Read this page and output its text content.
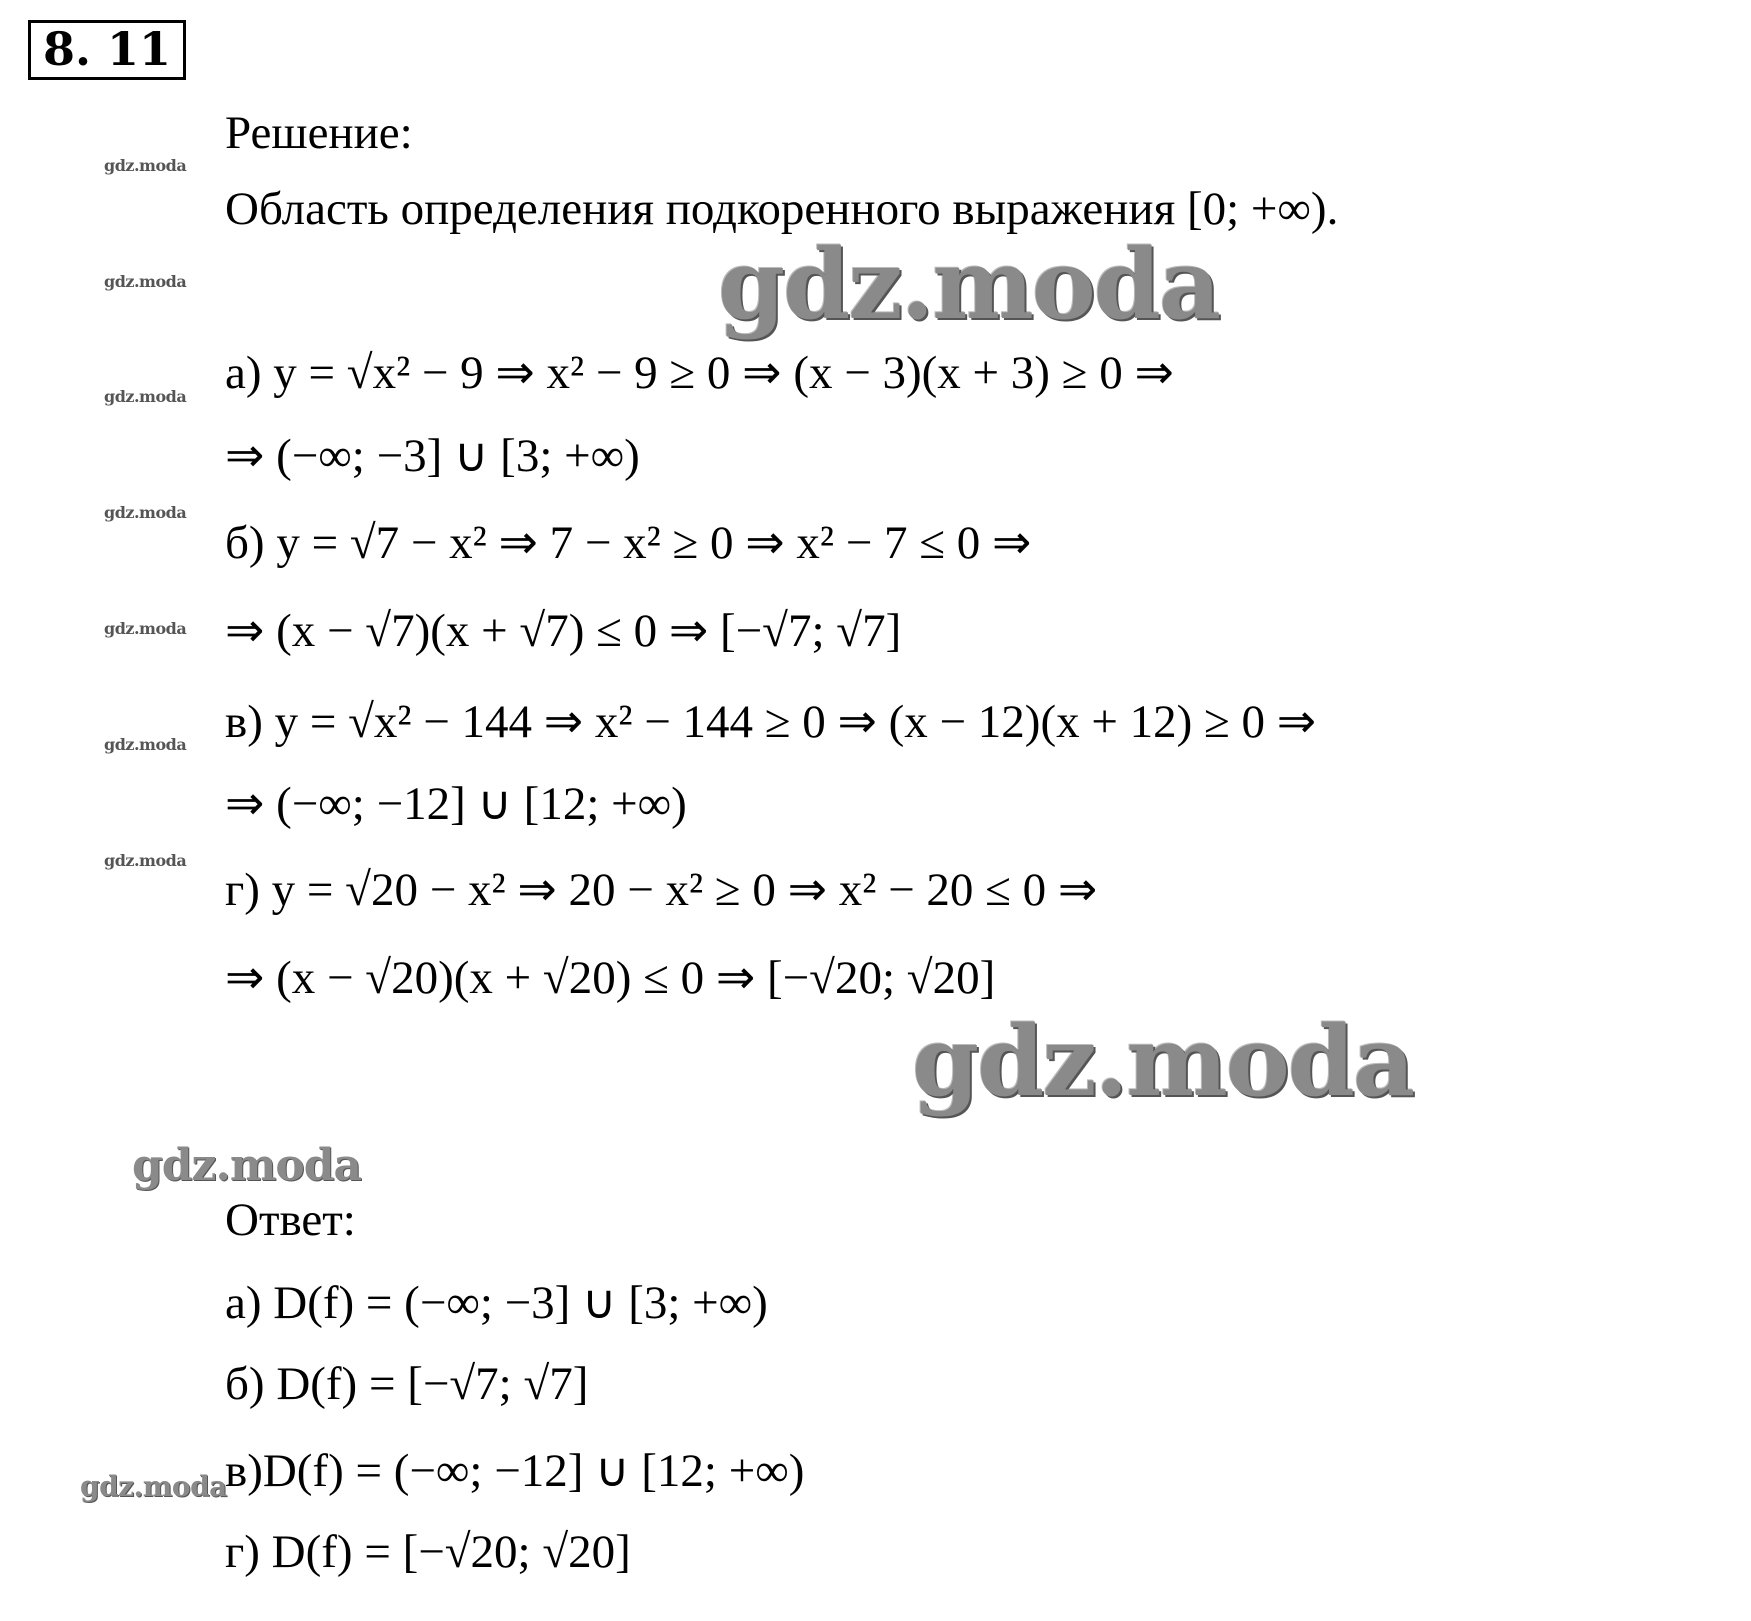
8. 11
gdz.moda
gdz.moda
gdz.moda
gdz.moda
gdz.moda
gdz.moda
gdz.moda
gdz.moda
gdz.moda
gdz.moda
gdz.moda
Решение:
Область определения подкоренного выражения [0; +∞).
а) y = √x² − 9 ⇒ x² − 9 ≥ 0 ⇒ (x − 3)(x + 3) ≥ 0 ⇒
⇒ (−∞; −3] ∪ [3; +∞)
б) y = √7 − x² ⇒ 7 − x² ≥ 0 ⇒ x² − 7 ≤ 0 ⇒
⇒ (x − √7)(x + √7) ≤ 0 ⇒ [−√7; √7]
в) y = √x² − 144 ⇒ x² − 144 ≥ 0 ⇒ (x − 12)(x + 12) ≥ 0 ⇒
⇒ (−∞; −12] ∪ [12; +∞)
г) y = √20 − x² ⇒ 20 − x² ≥ 0 ⇒ x² − 20 ≤ 0 ⇒
⇒ (x − √20)(x + √20) ≤ 0 ⇒ [−√20; √20]
Ответ:
а) D(f) = (−∞; −3] ∪ [3; +∞)
б) D(f) = [−√7; √7]
в)D(f) = (−∞; −12] ∪ [12; +∞)
г) D(f) = [−√20; √20]
